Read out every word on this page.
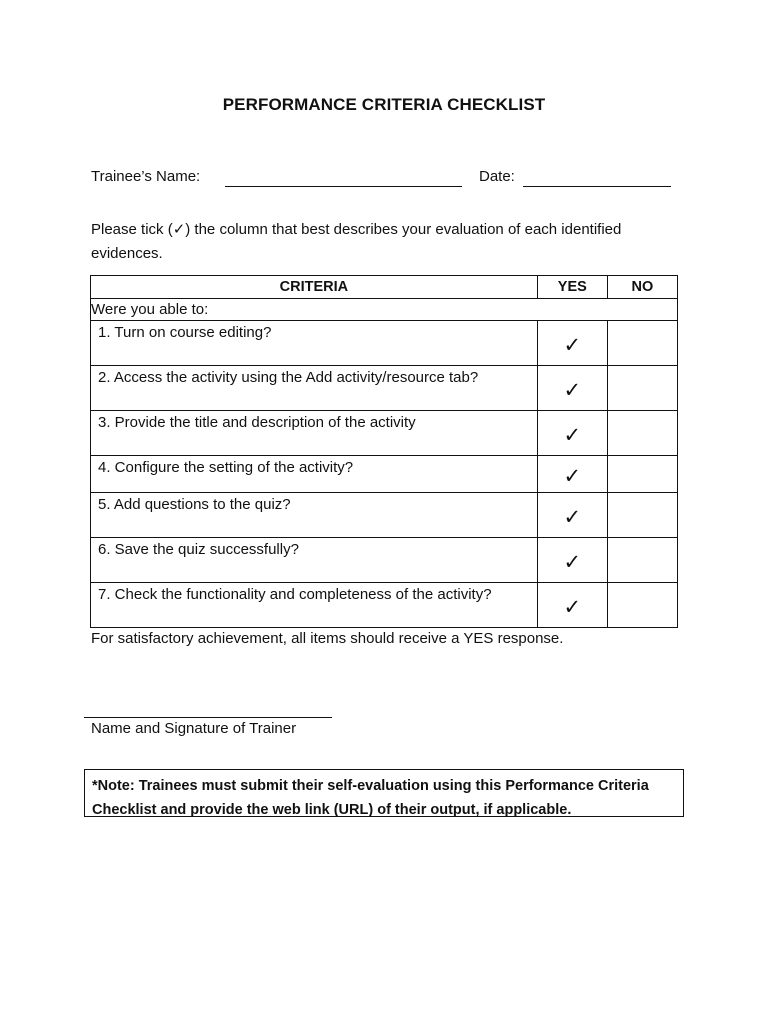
PERFORMANCE CRITERIA CHECKLIST
Trainee’s Name:	Date:
Please tick (✓) the column that best describes your evaluation of each identified evidences.
CRITERIA	YES	NO
Were you able to:		
1. Turn on course editing?	✓	
2. Access the activity using the Add activity/resource tab?	✓	
3. Provide the title and description of the activity	✓	
4. Configure the setting of the activity?	✓	
5. Add questions to the quiz?	✓	
6. Save the quiz successfully?	✓	
7. Check the functionality and completeness of the activity?	✓	
For satisfactory achievement, all items should receive a YES response.
Name and Signature of Trainer
*Note: Trainees must submit their self-evaluation using this Performance Criteria Checklist and provide the web link (URL) of their output, if applicable.
